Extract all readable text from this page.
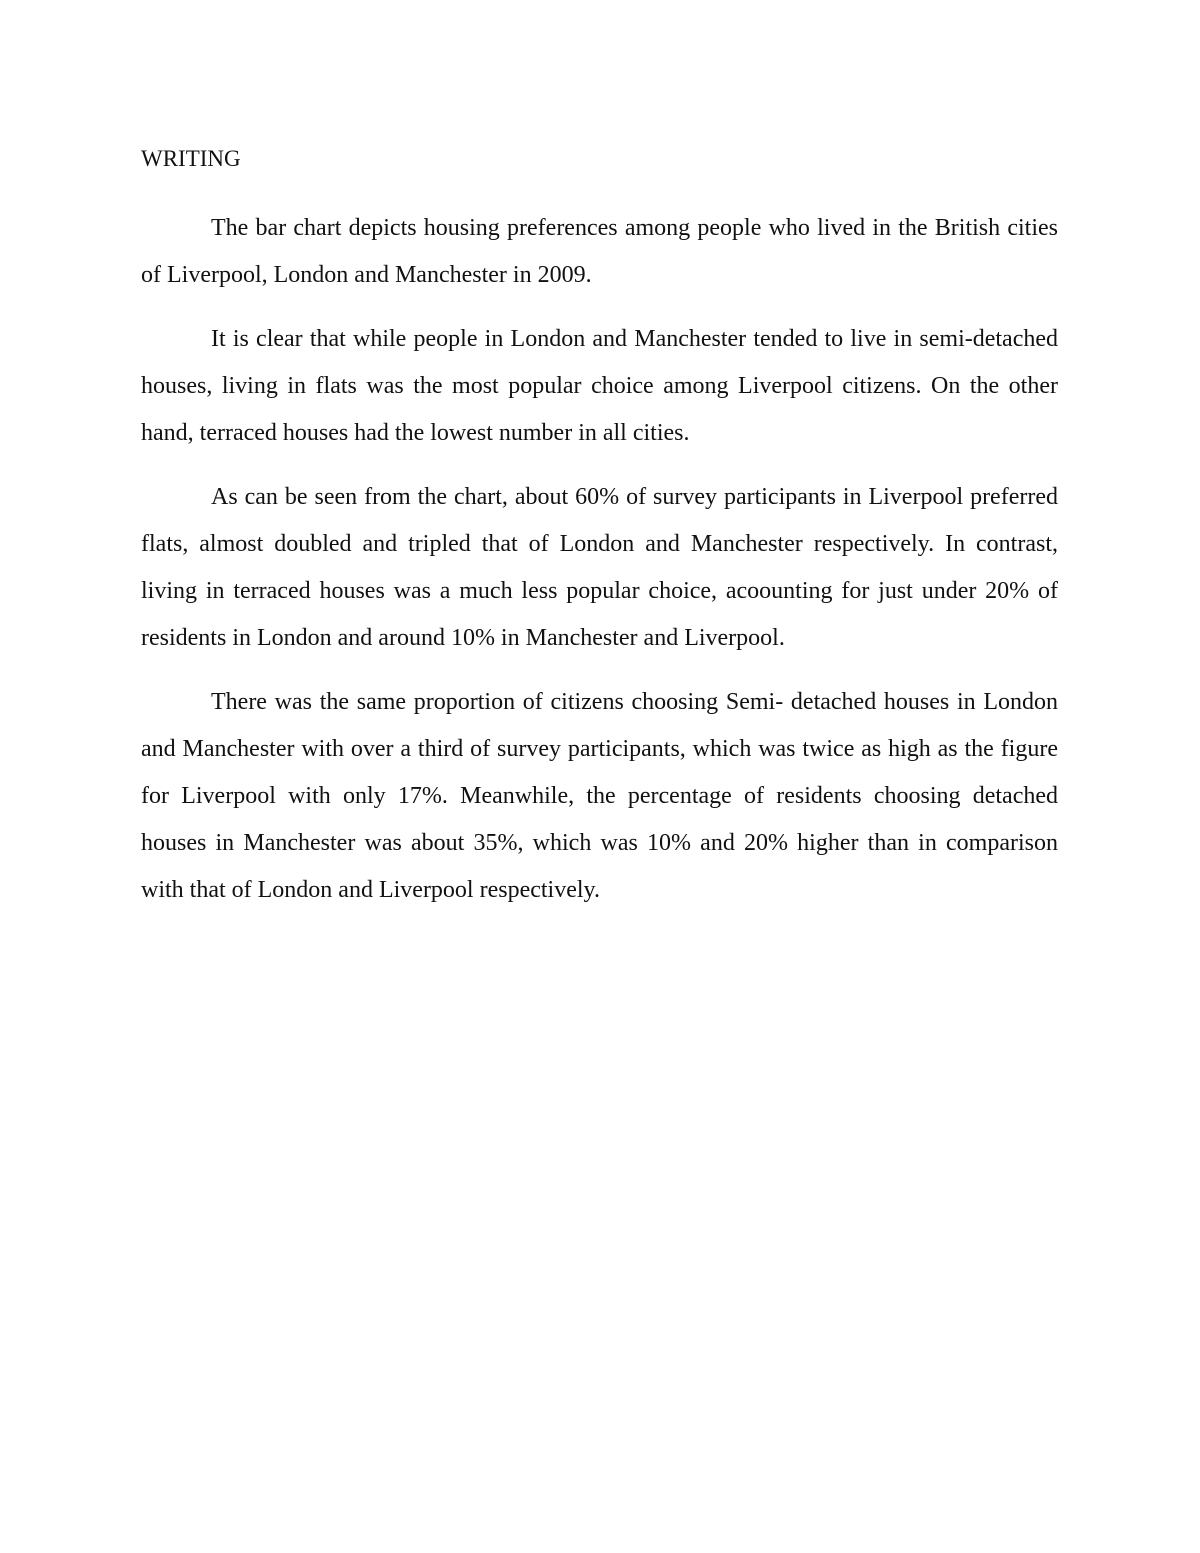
WRITING

The bar chart depicts housing preferences among people who lived in the British cities of Liverpool, London and Manchester in 2009.

It is clear that while people in London and Manchester tended to live in semi-detached houses, living in flats was the most popular choice among Liverpool citizens. On the other hand, terraced houses had the lowest number in all cities.

As can be seen from the chart, about 60% of survey participants in Liverpool preferred flats, almost doubled and tripled that of London and Manchester respectively. In contrast, living in terraced houses was a much less popular choice, acoounting for just under 20% of residents in London and around 10% in Manchester and Liverpool.

There was the same proportion of citizens choosing Semi- detached houses in London and Manchester with over a third of survey participants, which was twice as high as the figure for Liverpool with only 17%. Meanwhile, the percentage of residents choosing detached houses in Manchester was about 35%, which was 10% and 20% higher than in comparison with that of London and Liverpool respectively.
